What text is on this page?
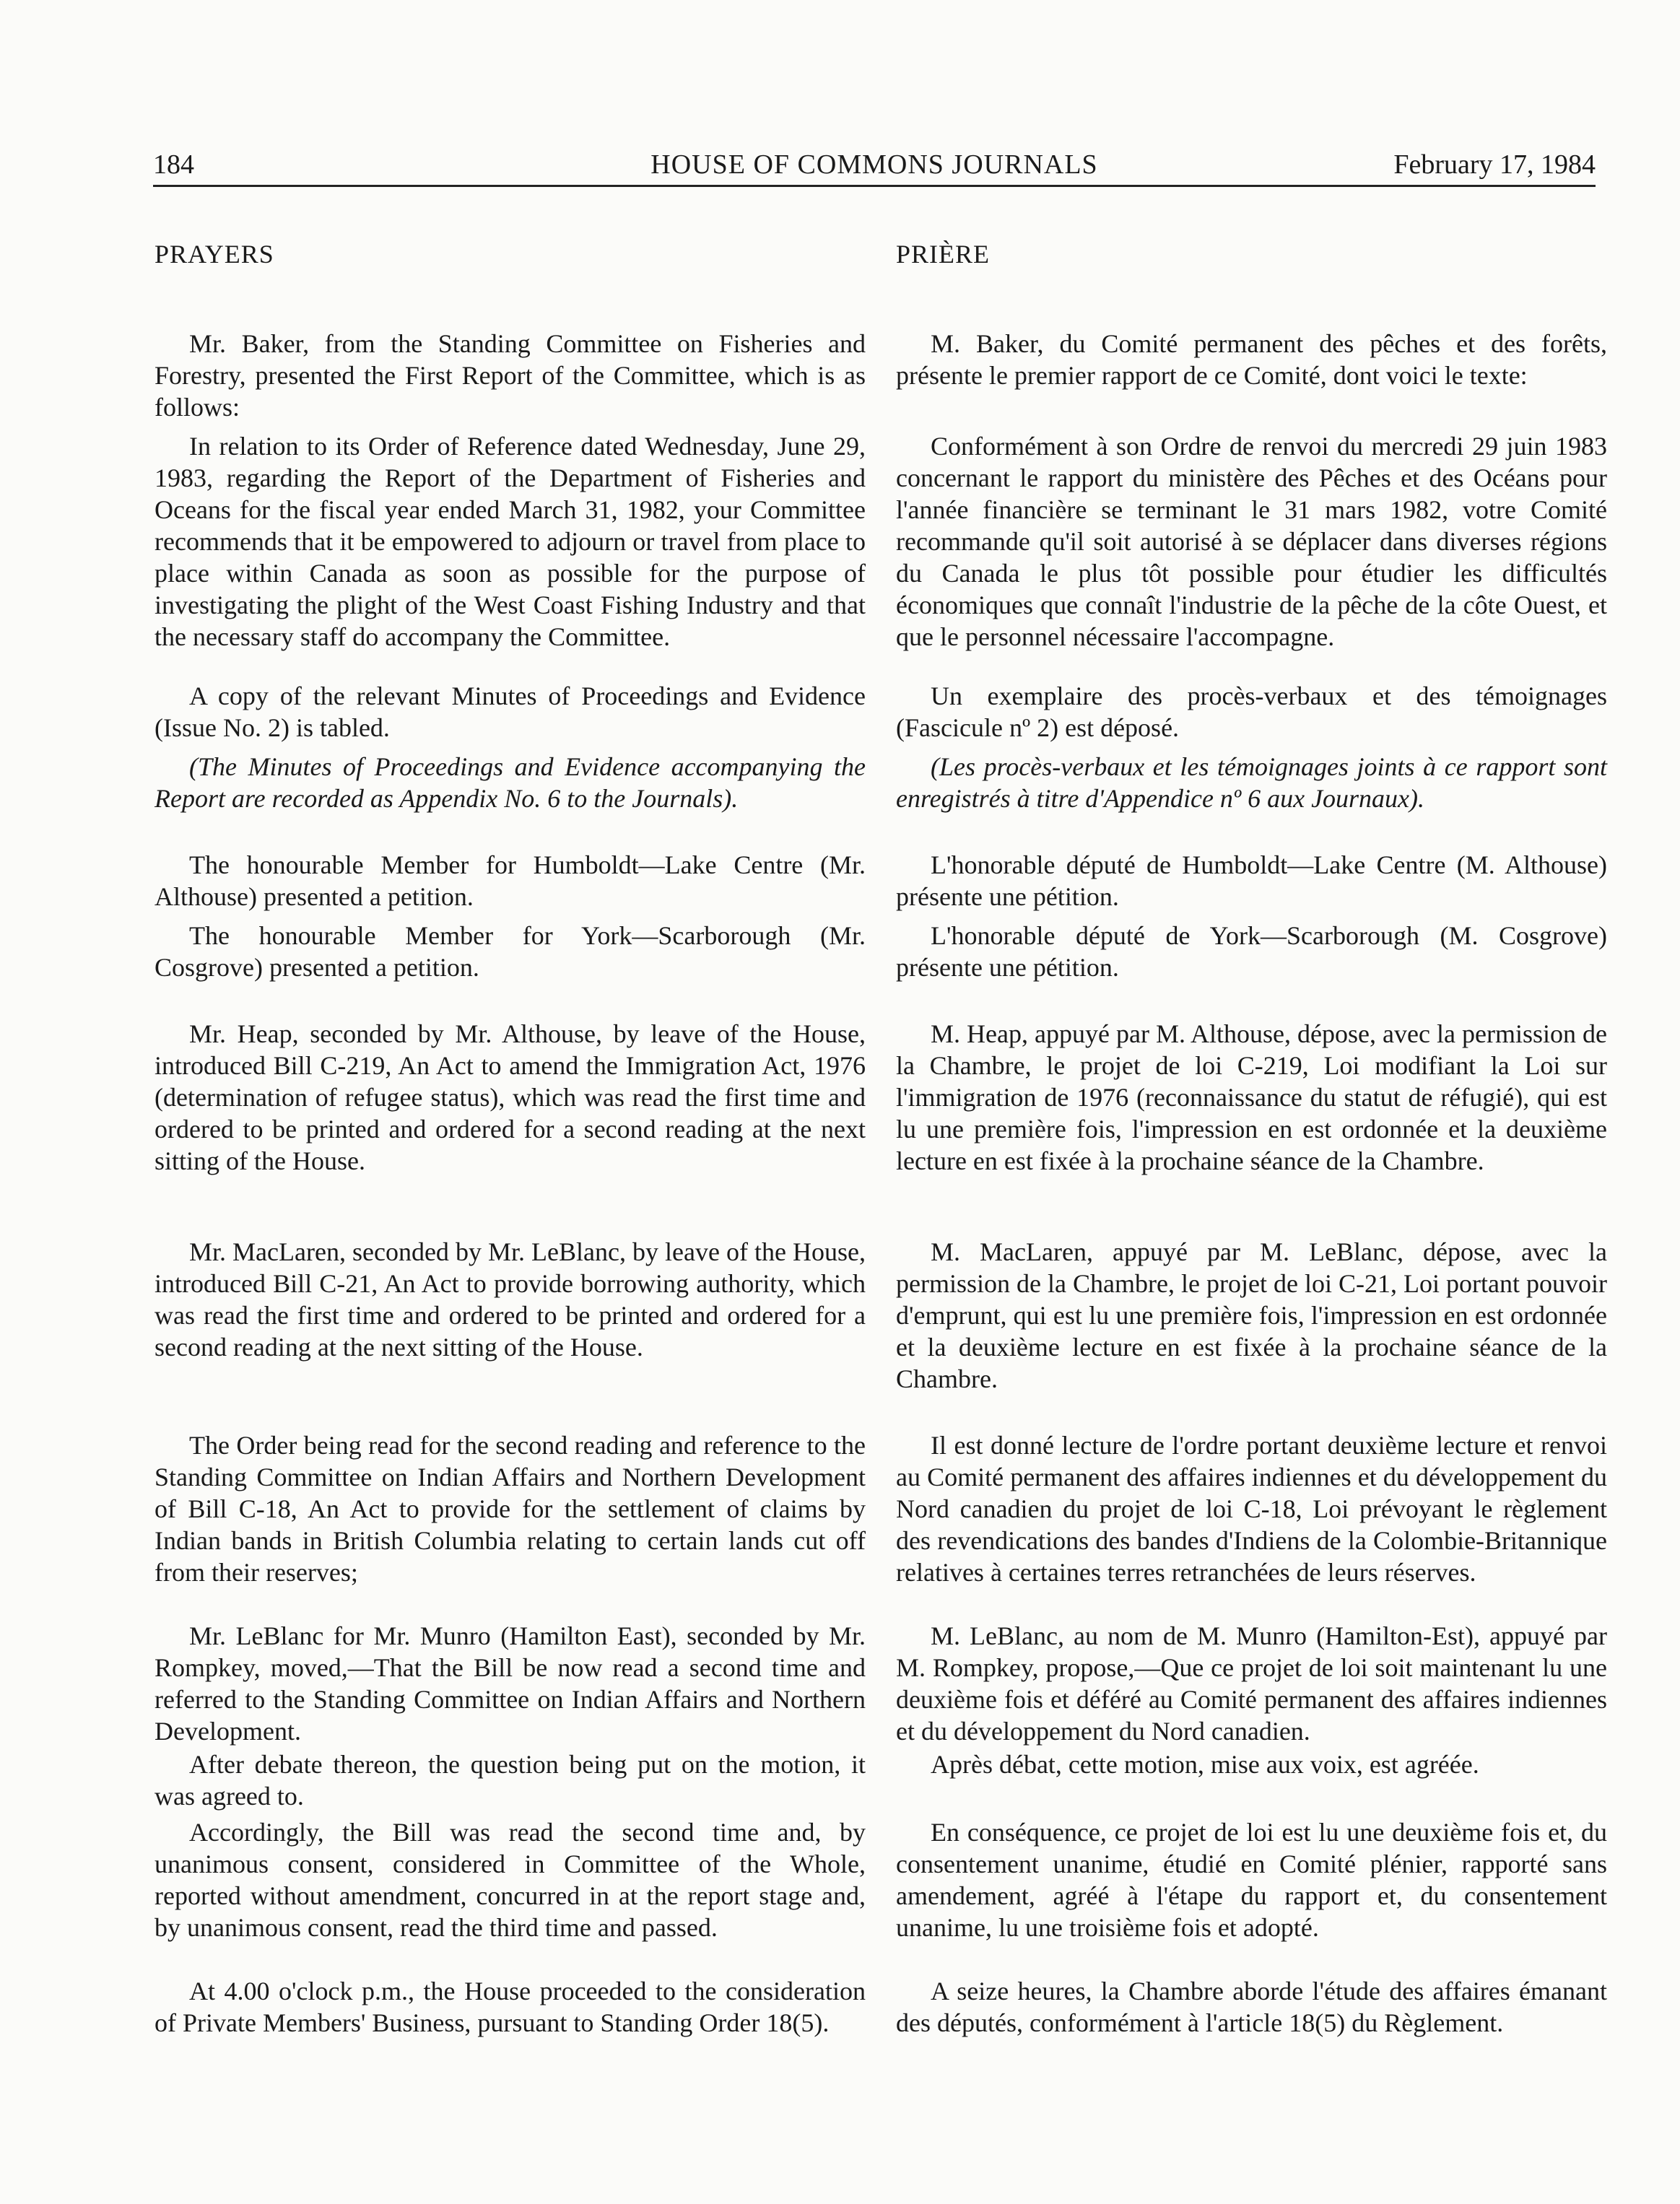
184	HOUSE OF COMMONS JOURNALS	February 17, 1984

PRAYERS

Mr. Baker, from the Standing Committee on Fisheries and Forestry, presented the First Report of the Committee, which is as follows:

In relation to its Order of Reference dated Wednesday, June 29, 1983, regarding the Report of the Department of Fisheries and Oceans for the fiscal year ended March 31, 1982, your Committee recommends that it be empowered to adjourn or travel from place to place within Canada as soon as possible for the purpose of investigating the plight of the West Coast Fishing Industry and that the necessary staff do accompany the Committee.

A copy of the relevant Minutes of Proceedings and Evidence (Issue No. 2) is tabled.

(The Minutes of Proceedings and Evidence accompanying the Report are recorded as Appendix No. 6 to the Journals).

The honourable Member for Humboldt—Lake Centre (Mr. Althouse) presented a petition.

The honourable Member for York—Scarborough (Mr. Cosgrove) presented a petition.

Mr. Heap, seconded by Mr. Althouse, by leave of the House, introduced Bill C-219, An Act to amend the Immigration Act, 1976 (determination of refugee status), which was read the first time and ordered to be printed and ordered for a second reading at the next sitting of the House.

Mr. MacLaren, seconded by Mr. LeBlanc, by leave of the House, introduced Bill C-21, An Act to provide borrowing authority, which was read the first time and ordered to be printed and ordered for a second reading at the next sitting of the House.

The Order being read for the second reading and reference to the Standing Committee on Indian Affairs and Northern Development of Bill C-18, An Act to provide for the settlement of claims by Indian bands in British Columbia relating to certain lands cut off from their reserves;

Mr. LeBlanc for Mr. Munro (Hamilton East), seconded by Mr. Rompkey, moved,—That the Bill be now read a second time and referred to the Standing Committee on Indian Affairs and Northern Development.

After debate thereon, the question being put on the motion, it was agreed to.

Accordingly, the Bill was read the second time and, by unanimous consent, considered in Committee of the Whole, reported without amendment, concurred in at the report stage and, by unanimous consent, read the third time and passed.

At 4.00 o'clock p.m., the House proceeded to the consideration of Private Members' Business, pursuant to Standing Order 18(5).

PRIÈRE

M. Baker, du Comité permanent des pêches et des forêts, présente le premier rapport de ce Comité, dont voici le texte:

Conformément à son Ordre de renvoi du mercredi 29 juin 1983 concernant le rapport du ministère des Pêches et des Océans pour l'année financière se terminant le 31 mars 1982, votre Comité recommande qu'il soit autorisé à se déplacer dans diverses régions du Canada le plus tôt possible pour étudier les difficultés économiques que connaît l'industrie de la pêche de la côte Ouest, et que le personnel nécessaire l'accompagne.

Un exemplaire des procès-verbaux et des témoignages (Fascicule nº 2) est déposé.

(Les procès-verbaux et les témoignages joints à ce rapport sont enregistrés à titre d'Appendice nº 6 aux Journaux).

L'honorable député de Humboldt—Lake Centre (M. Althouse) présente une pétition.

L'honorable député de York—Scarborough (M. Cosgrove) présente une pétition.

M. Heap, appuyé par M. Althouse, dépose, avec la permission de la Chambre, le projet de loi C-219, Loi modifiant la Loi sur l'immigration de 1976 (reconnaissance du statut de réfugié), qui est lu une première fois, l'impression en est ordonnée et la deuxième lecture en est fixée à la prochaine séance de la Chambre.

M. MacLaren, appuyé par M. LeBlanc, dépose, avec la permission de la Chambre, le projet de loi C-21, Loi portant pouvoir d'emprunt, qui est lu une première fois, l'impression en est ordonnée et la deuxième lecture en est fixée à la prochaine séance de la Chambre.

Il est donné lecture de l'ordre portant deuxième lecture et renvoi au Comité permanent des affaires indiennes et du développement du Nord canadien du projet de loi C-18, Loi prévoyant le règlement des revendications des bandes d'Indiens de la Colombie-Britannique relatives à certaines terres retranchées de leurs réserves.

M. LeBlanc, au nom de M. Munro (Hamilton-Est), appuyé par M. Rompkey, propose,—Que ce projet de loi soit maintenant lu une deuxième fois et déféré au Comité permanent des affaires indiennes et du développement du Nord canadien.

Après débat, cette motion, mise aux voix, est agréée.

En conséquence, ce projet de loi est lu une deuxième fois et, du consentement unanime, étudié en Comité plénier, rapporté sans amendement, agréé à l'étape du rapport et, du consentement unanime, lu une troisième fois et adopté.

A seize heures, la Chambre aborde l'étude des affaires émanant des députés, conformément à l'article 18(5) du Règlement.
